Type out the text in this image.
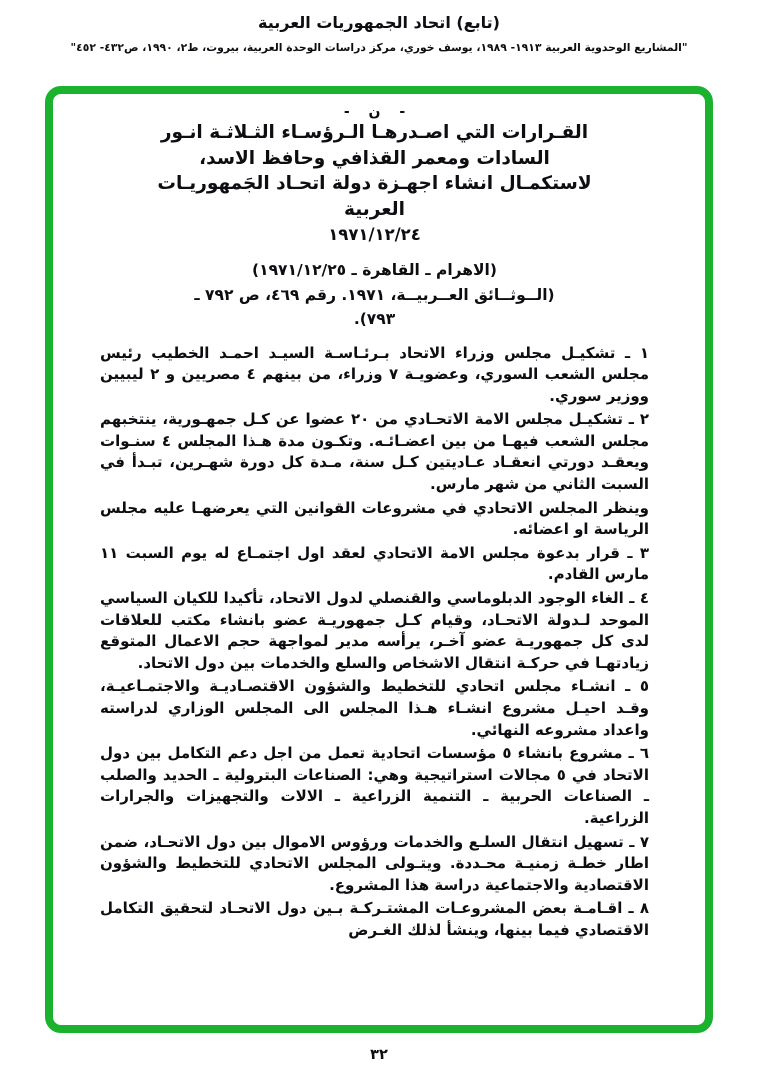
(تابع) اتحاد الجمهوريات العربية
"المشاريع الوحدوية العربية ١٩١٣- ١٩٨٩، يوسف خوري، مركز دراسات الوحدة العربية، بيروت، ط٢، ١٩٩٠، ص٤٣٢- ٤٥٢"
- ن -
القـرارات التي اصـدرهـا الـرؤسـاء الثـلاثـة انـور
السادات ومعمر القذافي وحافظ الاسد،
لاستكمـال انشاء اجهـزة دولة اتحـاد الجَمهوريـات
العربية
١٩٧١/١٢/٢٤
(الاهرام ـ القاهرة ـ ١٩٧١/١٢/٢٥)
(الــوثــائق العــربيــة، ١٩٧١. رقم ٤٦٩، ص ٧٩٢ ـ
٧٩٣).

١ ـ تشكيـل مجلس وزراء الاتحاد بـرئـاسـة السيـد احمـد الخطيب رئيس مجلس الشعب السوري، وعضويـة ٧ وزراء، من بينهم ٤ مصريين و ٢ ليبيين ووزير سوري.

٢ ـ تشكيـل مجلس الامة الاتحـادي من ٢٠ عضوا عن كـل جمهـورية، ينتخبهم مجلس الشعب فيهـا من بين اعضـائـه. وتكـون مدة هـذا المجلس ٤ سنـوات ويعقـد دورتي انعقـاد عـاديتين كـل سنة، مـدة كل دورة شهـرين، تبـدأ في السبت الثاني من شهر مارس.

وينظر المجلس الاتحادي في مشروعات القوانين التي يعرضهـا عليه مجلس الرياسة او اعضائه.

٣ ـ قرار بدعوة مجلس الامة الاتحادي لعقد اول اجتمـاع له يوم السبت ١١ مارس القادم.

٤ ـ الغاء الوجود الدبلوماسي والقنصلي لدول الاتحاد، تأكيدا للكيان السياسي الموحد لـدولة الاتحـاد، وقيام كـل جمهوريـة عضو بانشاء مكتب للعلاقات لدى كل جمهوريـة عضو آخـر، يرأسه مدير لمواجهة حجم الاعمال المتوقع زيادتهـا في حركـة انتقال الاشخاص والسلع والخدمات بين دول الاتحاد.

٥ ـ انشـاء مجلس اتحادي للتخطيط والشؤون الاقتصـاديـة والاجتمـاعيـة، وقـد احيـل مشروع انشـاء هـذا المجلس الى المجلس الوزاري لدراسته واعداد مشروعه النهائي.

٦ ـ مشروع بانشاء ٥ مؤسسات اتحادية تعمل من اجل دعم التكامل بين دول الاتحاد في ٥ مجالات استراتيجية وهي: الصناعات البترولية ـ الحديد والصلب ـ الصناعات الحربية ـ التنمية الزراعية ـ الالات والتجهيزات والجرارات الزراعية.

٧ ـ تسهيل انتقال السلـع والخدمات ورؤوس الاموال بين دول الاتحـاد، ضمن اطار خطـة زمنيـة محـددة. ويتـولى المجلس الاتحادي للتخطيط والشؤون الاقتصادية والاجتماعية دراسة هذا المشروع.

٨ ـ اقـامـة بعض المشروعـات المشتـركـة بـين دول الاتحـاد لتحقيق التكامل الاقتصادي فيما بينها، وينشأ لذلك الغـرض

٣٢
